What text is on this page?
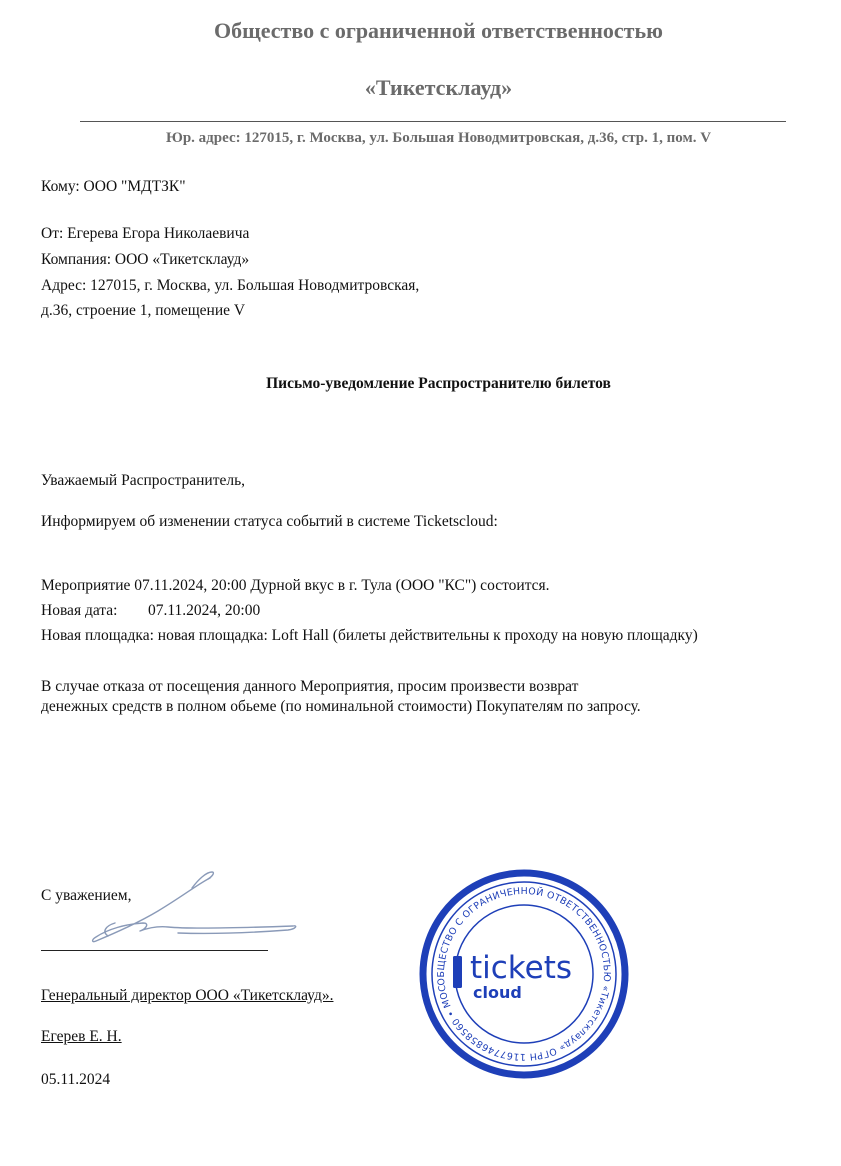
Общество с ограниченной ответственностью
«Тикетсклауд»
Юр. адрес: 127015, г. Москва, ул. Большая Новодмитровская, д.36, стр. 1, пом. V
Кому: ООО "МДТЗК"
От: Егерева Егора Николаевича
Компания: ООО «Тикетсклауд»
Адрес: 127015, г. Москва, ул. Большая Новодмитровская,
д.36, строение 1, помещение V
Письмо-уведомление Распространителю билетов
Уважаемый Распространитель,
Информируем об изменении статуса событий в системе Ticketscloud:
Мероприятие 07.11.2024, 20:00 Дурной вкус в г. Тула (ООО "КС") состоится.
Новая дата: 07.11.2024, 20:00
Новая площадка: новая площадка: Loft Hall (билеты действительны к проходу на новую площадку)
В случае отказа от посещения данного Мероприятия, просим произвести возврат
денежных средств в полном обьеме (по номинальной стоимости) Покупателям по запросу.
С уважением,
Генеральный директор ООО «Тикетсклауд».
Егерев Е. Н.
05.11.2024
ОБЩЕСТВО С ОГРАНИЧЕННОЙ ОТВЕТСТВЕННОСТЬЮ «Тикетсклауд» ОГРН 1167746858560 • МОСКВА
tickets
cloud
